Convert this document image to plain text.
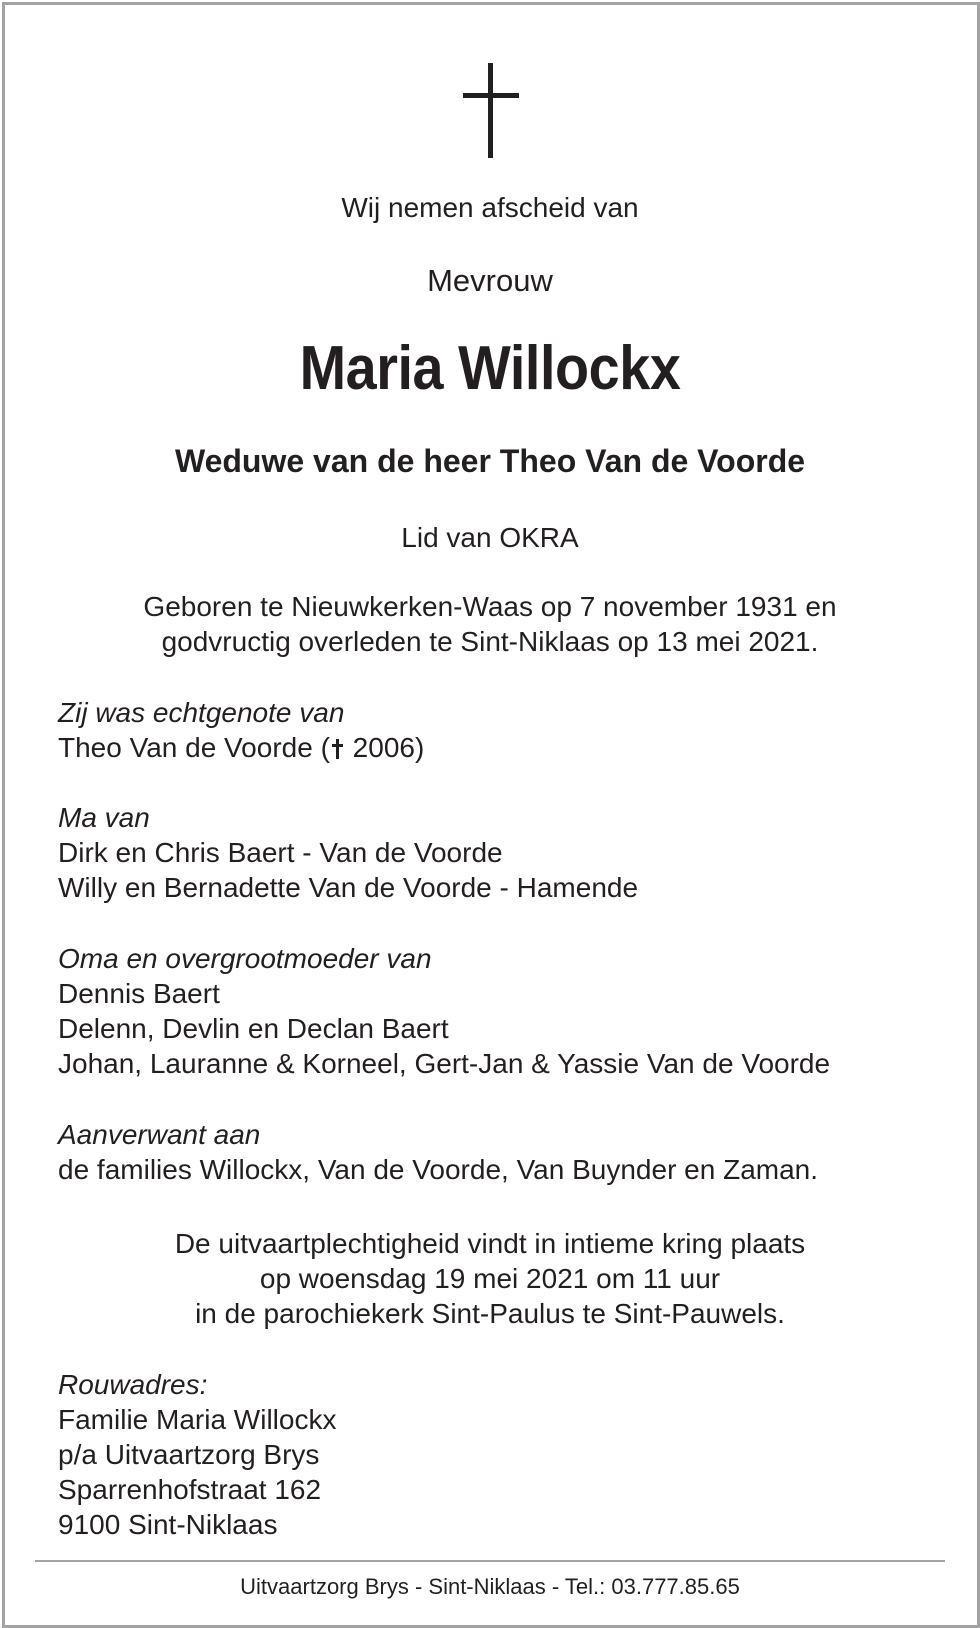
Wij nemen afscheid van
Mevrouw
Maria Willockx
Weduwe van de heer Theo Van de Voorde
Lid van OKRA
Geboren te Nieuwkerken-Waas op 7 november 1931 en
godvructig overleden te Sint-Niklaas op 13 mei 2021.
Zij was echtgenote van
Theo Van de Voorde (
2006)
Ma van
Dirk en Chris Baert - Van de Voorde
Willy en Bernadette Van de Voorde - Hamende
Oma en overgrootmoeder van
Dennis Baert
Delenn, Devlin en Declan Baert
Johan, Lauranne & Korneel, Gert-Jan & Yassie Van de Voorde
Aanverwant aan
de families Willockx, Van de Voorde, Van Buynder en Zaman.
De uitvaartplechtigheid vindt in intieme kring plaats
op woensdag 19 mei 2021 om 11 uur
in de parochiekerk Sint-Paulus te Sint-Pauwels.
Rouwadres:
Familie Maria Willockx
p/a Uitvaartzorg Brys
Sparrenhofstraat 162
9100 Sint-Niklaas
Uitvaartzorg Brys - Sint-Niklaas - Tel.: 03.777.85.65
